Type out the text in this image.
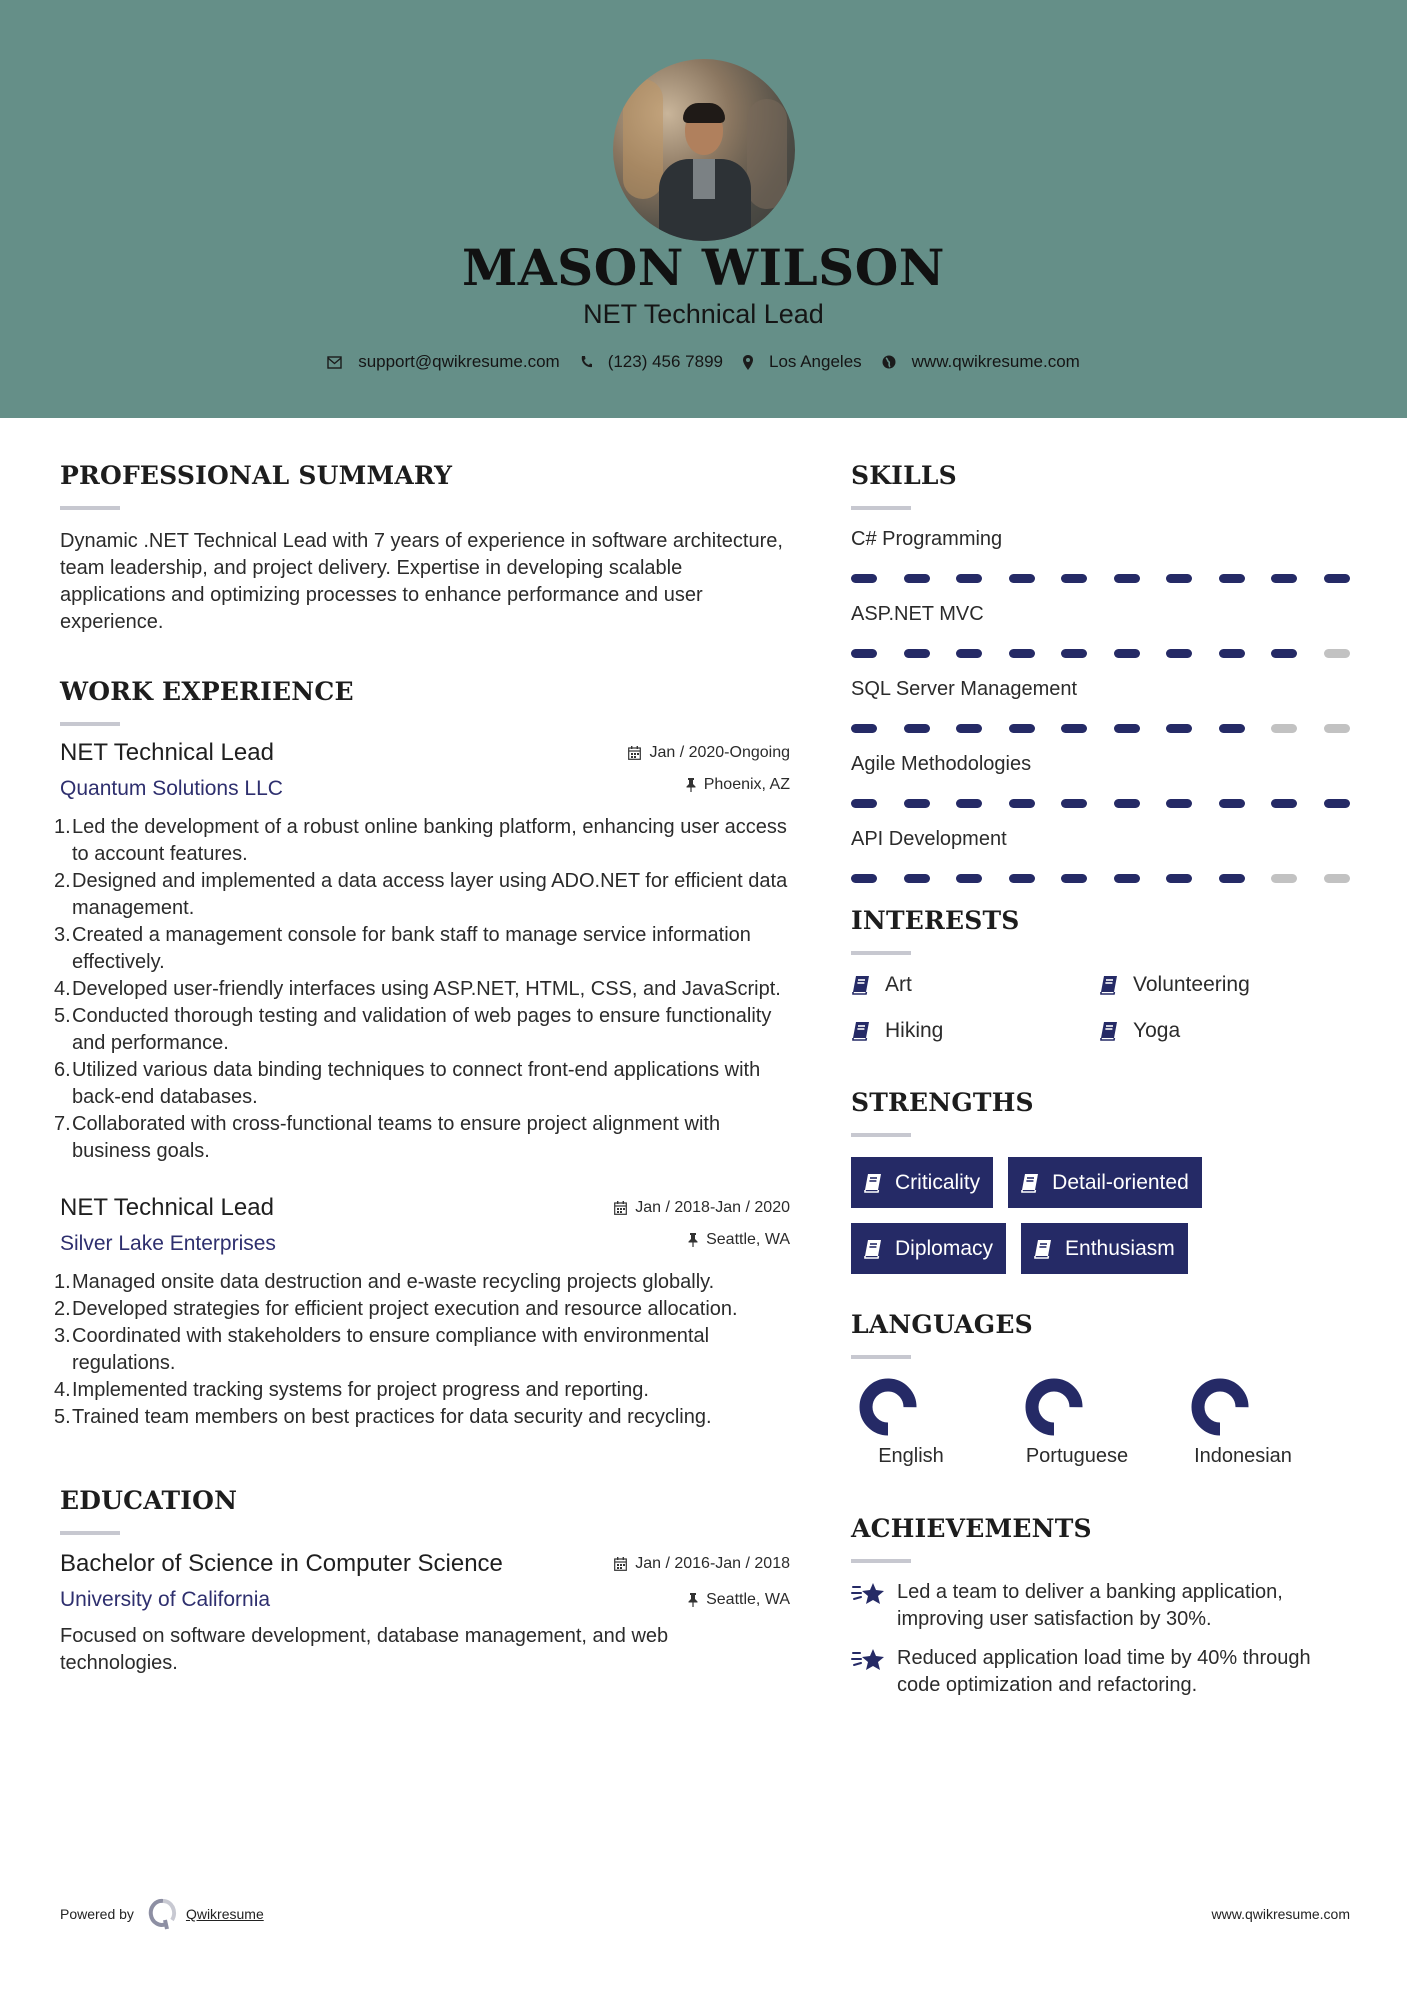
MASON WILSON
NET Technical Lead
support@qwikresume.com	(123) 456 7899	Los Angeles	www.qwikresume.com
PROFESSIONAL SUMMARY

Dynamic .NET Technical Lead with 7 years of experience in software architecture, team leadership, and project delivery. Expertise in developing scalable applications and optimizing processes to enhance performance and user experience.

WORK EXPERIENCE
NET Technical Lead
Quantum Solutions LLC
Jan / 2020-Ongoing
Phoenix, AZ
1. Led the development of a robust online banking platform, enhancing user access to account features.
2. Designed and implemented a data access layer using ADO.NET for efficient data management.
3. Created a management console for bank staff to manage service information effectively.
4. Developed user-friendly interfaces using ASP.NET, HTML, CSS, and JavaScript.
5. Conducted thorough testing and validation of web pages to ensure functionality and performance.
6. Utilized various data binding techniques to connect front-end applications with back-end databases.
7. Collaborated with cross-functional teams to ensure project alignment with business goals.
NET Technical Lead
Silver Lake Enterprises
Jan / 2018-Jan / 2020
Seattle, WA
1. Managed onsite data destruction and e-waste recycling projects globally.
2. Developed strategies for efficient project execution and resource allocation.
3. Coordinated with stakeholders to ensure compliance with environmental regulations.
4. Implemented tracking systems for project progress and reporting.
5. Trained team members on best practices for data security and recycling.
EDUCATION
Bachelor of Science in Computer Science
University of California
Jan / 2016-Jan / 2018
Seattle, WA

Focused on software development, database management, and web technologies.

SKILLS
C# Programming
ASP.NET MVC
SQL Server Management
Agile Methodologies
API Development
INTERESTS
Art	Volunteering
Hiking	Yoga
STRENGTHS
Criticality	Detail-oriented
Diplomacy	Enthusiasm
LANGUAGES
English	Portuguese	Indonesian
ACHIEVEMENTS
Led a team to deliver a banking application, improving user satisfaction by 30%.
Reduced application load time by 40% through code optimization and refactoring.
Powered by	Qwikresume	www.qwikresume.com
